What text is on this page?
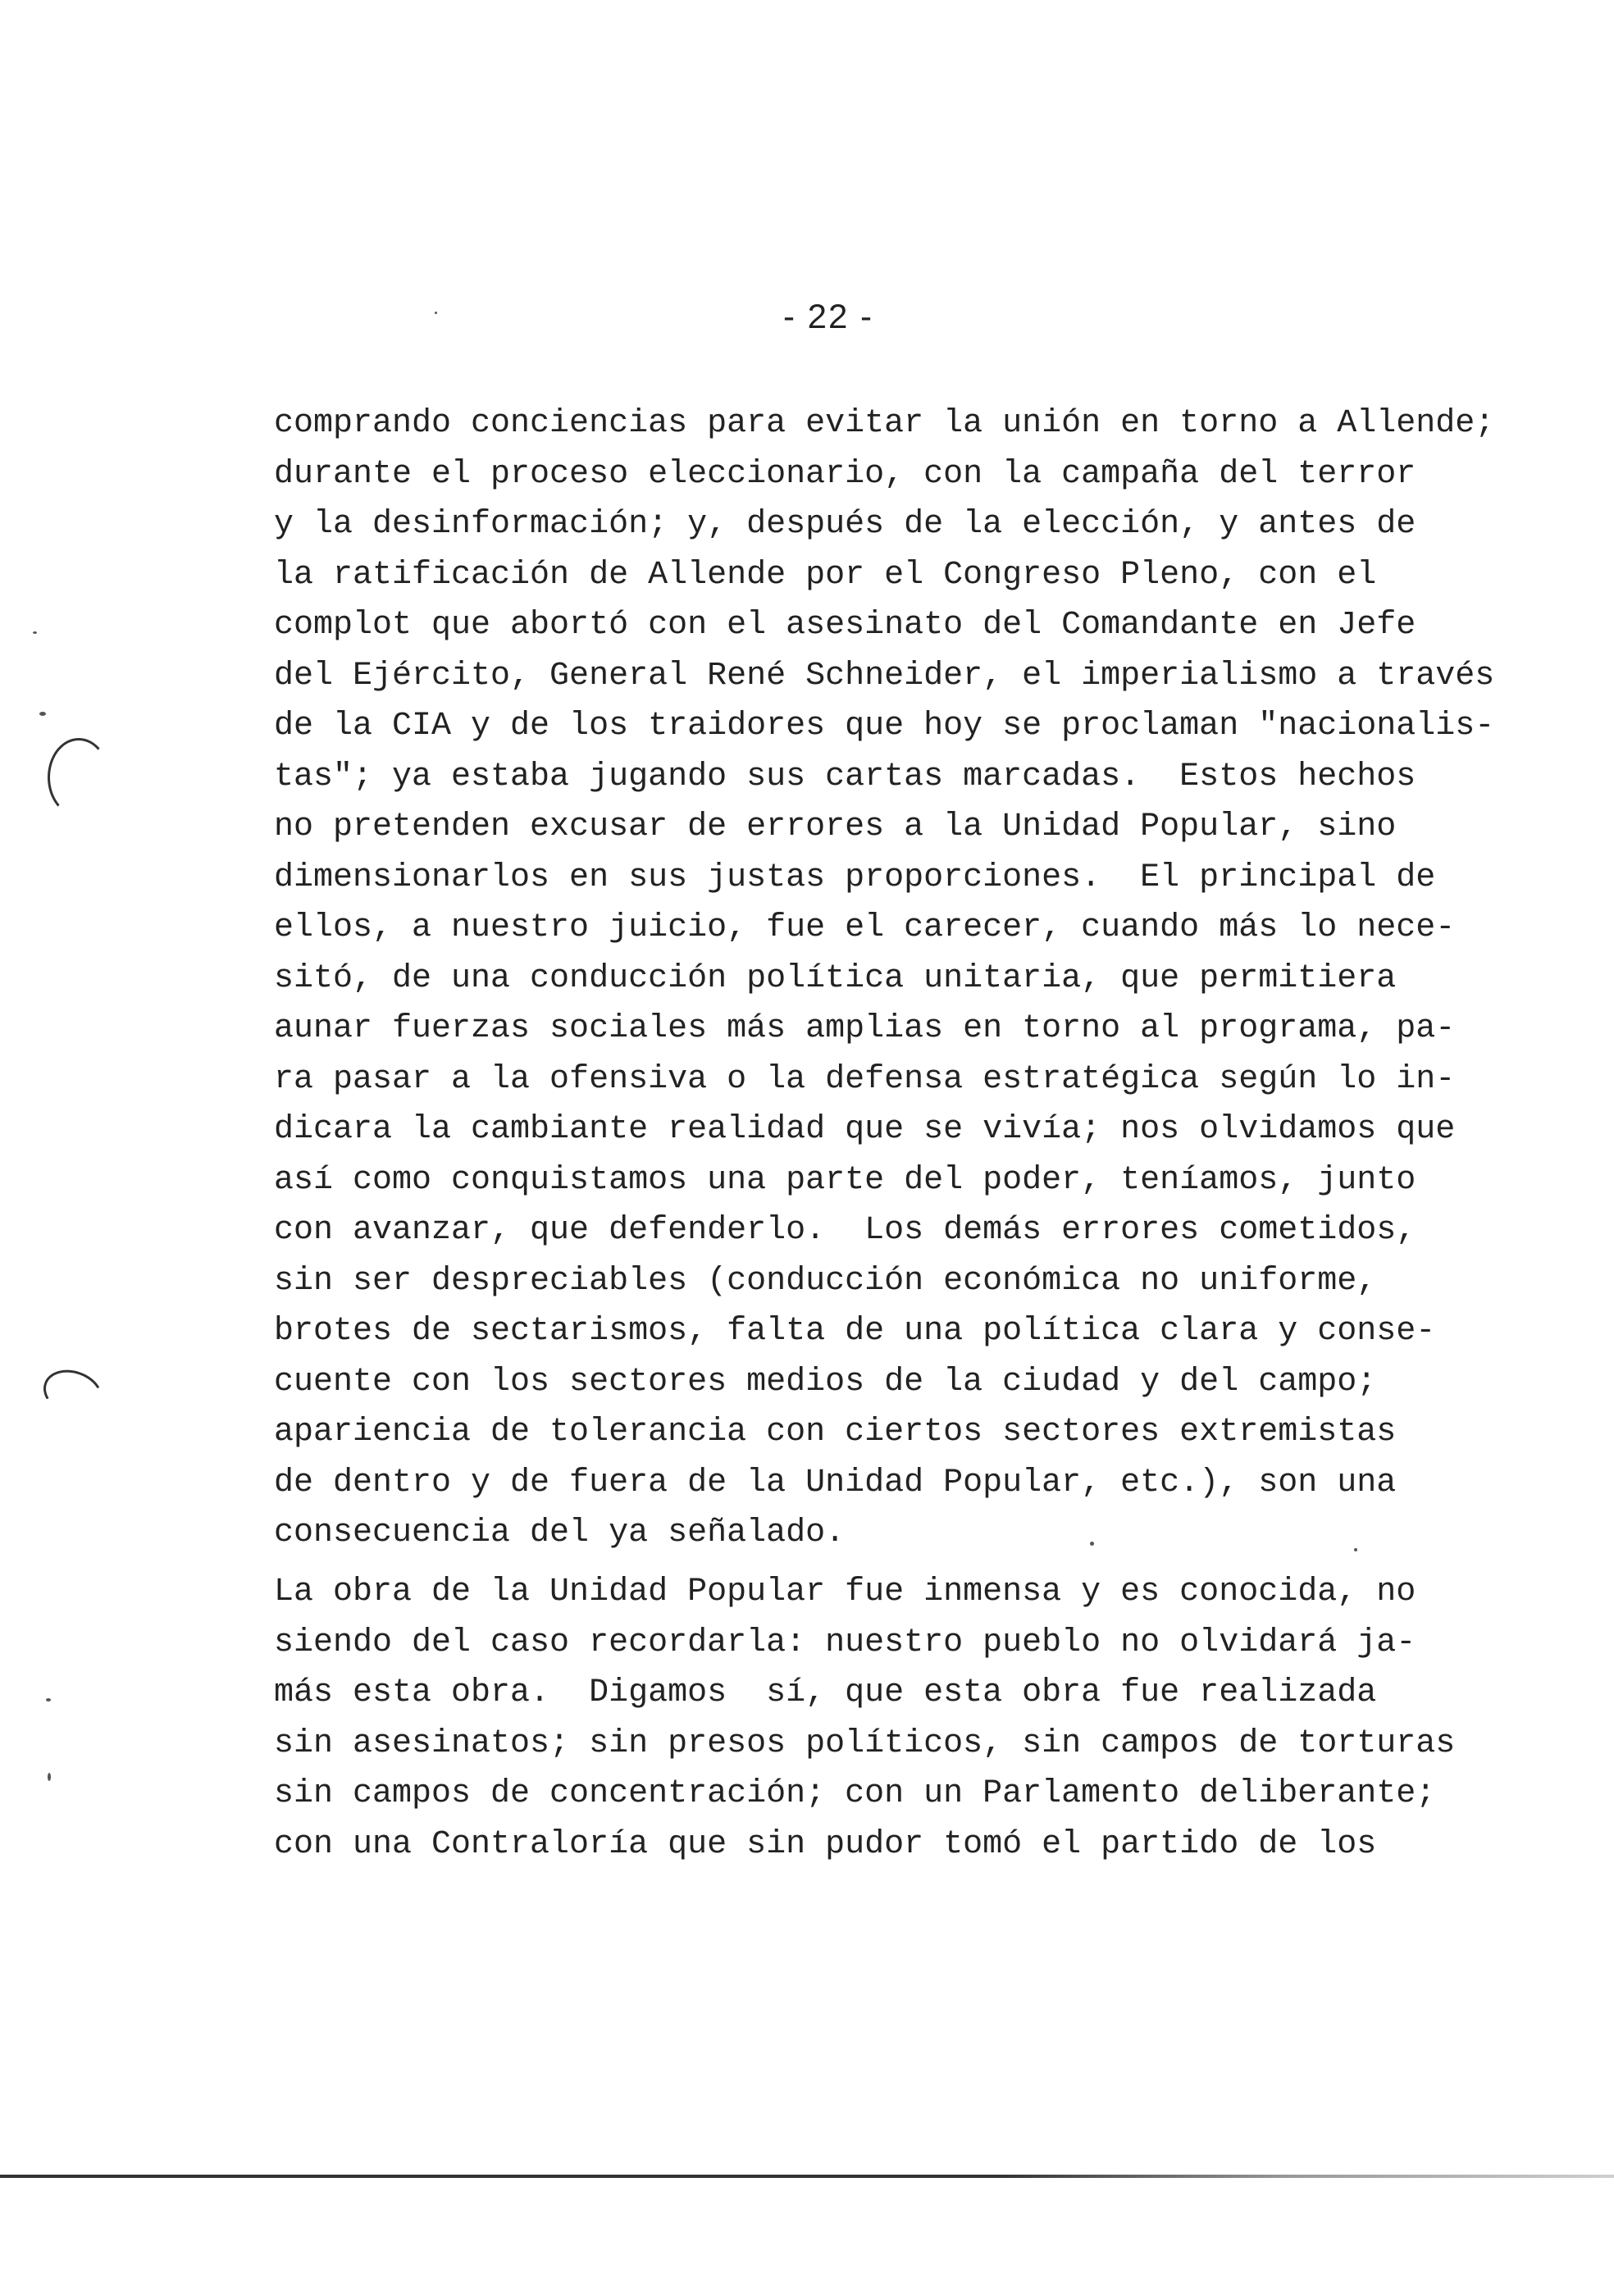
- 22 -
comprando conciencias para evitar la unión en torno a Allende;
durante el proceso eleccionario, con la campaña del terror
y la desinformación; y, después de la elección, y antes de
la ratificación de Allende por el Congreso Pleno, con el
complot que abortó con el asesinato del Comandante en Jefe
del Ejército, General René Schneider, el imperialismo a través
de la CIA y de los traidores que hoy se proclaman "nacionalis-
tas"; ya estaba jugando sus cartas marcadas.  Estos hechos
no pretenden excusar de errores a la Unidad Popular, sino
dimensionarlos en sus justas proporciones.  El principal de
ellos, a nuestro juicio, fue el carecer, cuando más lo nece-
sitó, de una conducción política unitaria, que permitiera
aunar fuerzas sociales más amplias en torno al programa, pa-
ra pasar a la ofensiva o la defensa estratégica según lo in-
dicara la cambiante realidad que se vivía; nos olvidamos que
así como conquistamos una parte del poder, teníamos, junto
con avanzar, que defenderlo.  Los demás errores cometidos,
sin ser despreciables (conducción económica no uniforme,
brotes de sectarismos, falta de una política clara y conse-
cuente con los sectores medios de la ciudad y del campo;
apariencia de tolerancia con ciertos sectores extremistas
de dentro y de fuera de la Unidad Popular, etc.), son una
consecuencia del ya señalado.
La obra de la Unidad Popular fue inmensa y es conocida, no
siendo del caso recordarla: nuestro pueblo no olvidará ja-
más esta obra.  Digamos  sí, que esta obra fue realizada
sin asesinatos; sin presos políticos, sin campos de torturas
sin campos de concentración; con un Parlamento deliberante;
con una Contraloría que sin pudor tomó el partido de los
